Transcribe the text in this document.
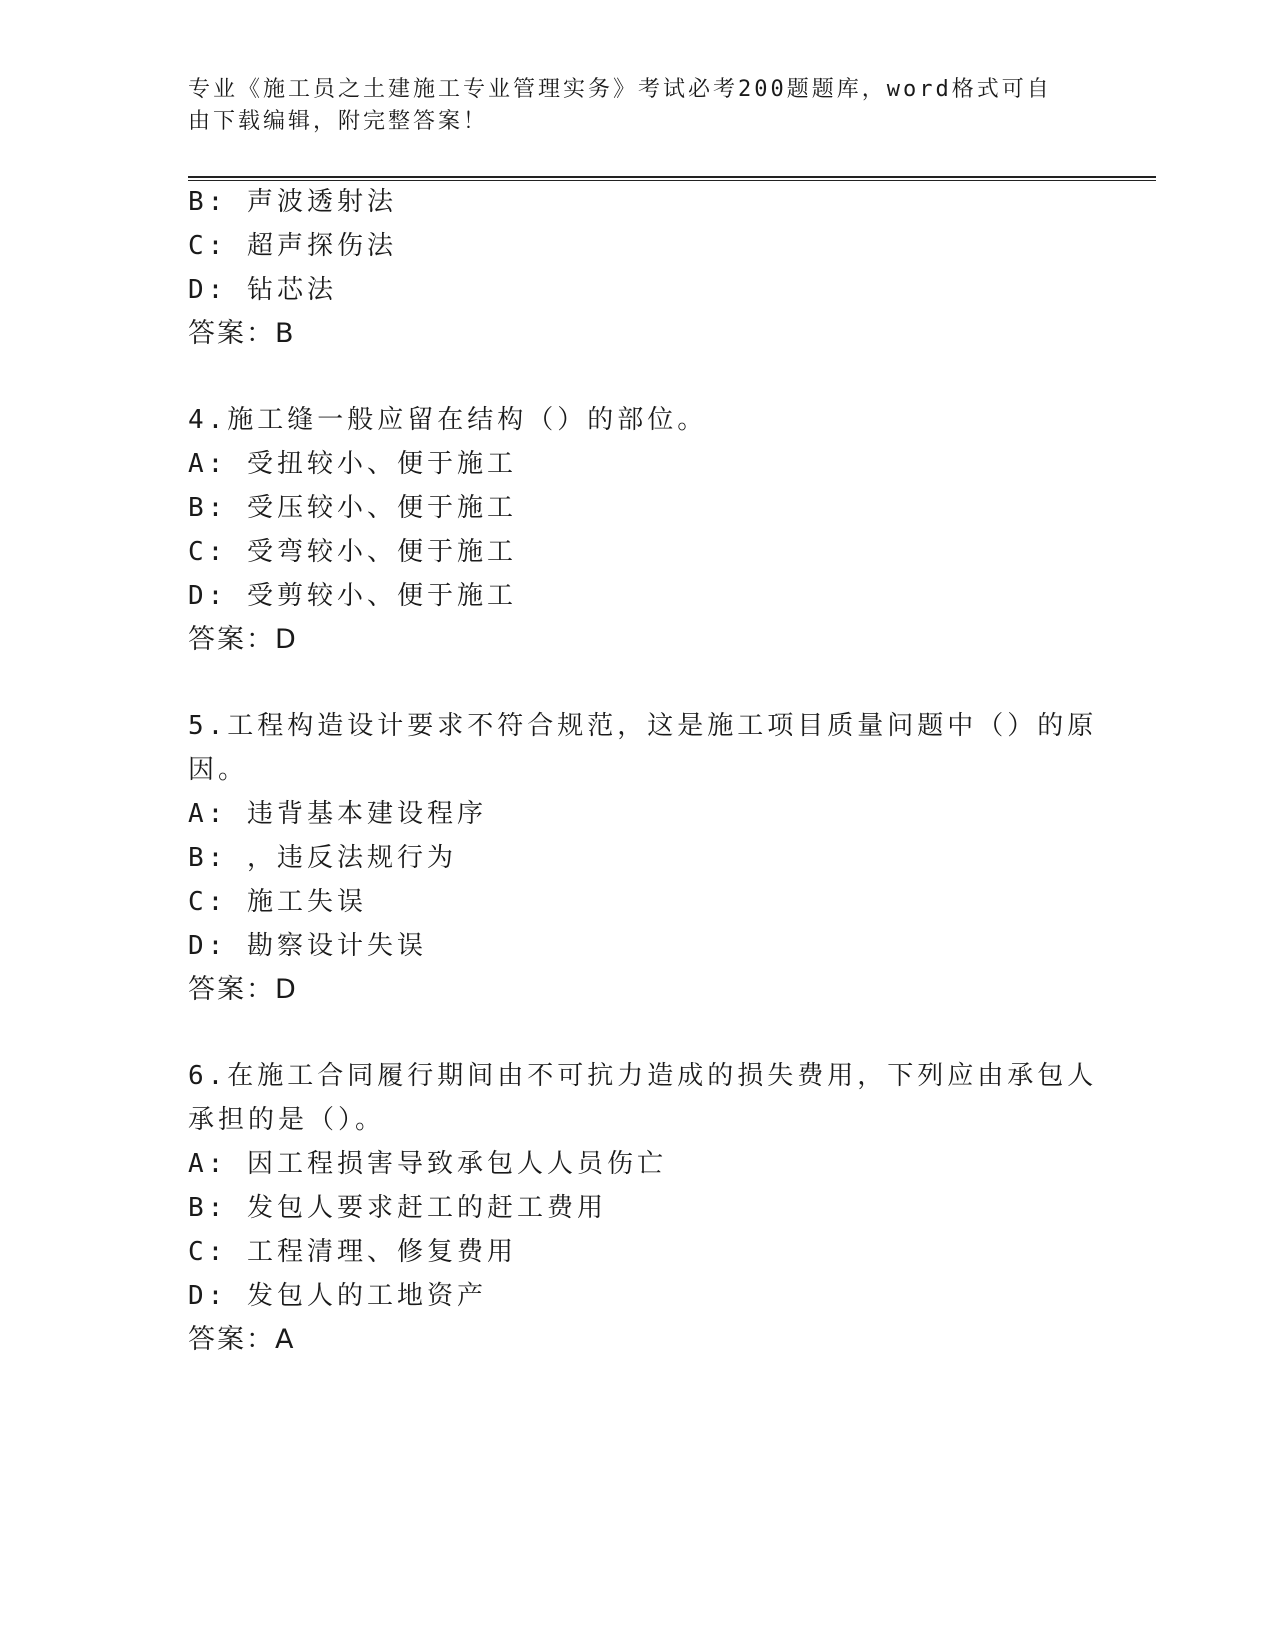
专业《施工员之土建施工专业管理实务》考试必考200题题库，word格式可自由下载编辑，附完整答案！
B: 声波透射法
C: 超声探伤法
D: 钻芯法
答案：B
4.施工缝一般应留在结构（）的部位。
A: 受扭较小、便于施工
B: 受压较小、便于施工
C: 受弯较小、便于施工
D: 受剪较小、便于施工
答案：D
5.工程构造设计要求不符合规范，这是施工项目质量问题中（）的原
因。
A: 违背基本建设程序
B: ，违反法规行为
C: 施工失误
D: 勘察设计失误
答案：D
6.在施工合同履行期间由不可抗力造成的损失费用，下列应由承包人
承担的是（）。
A: 因工程损害导致承包人人员伤亡
B: 发包人要求赶工的赶工费用
C: 工程清理、修复费用
D: 发包人的工地资产
答案：A
